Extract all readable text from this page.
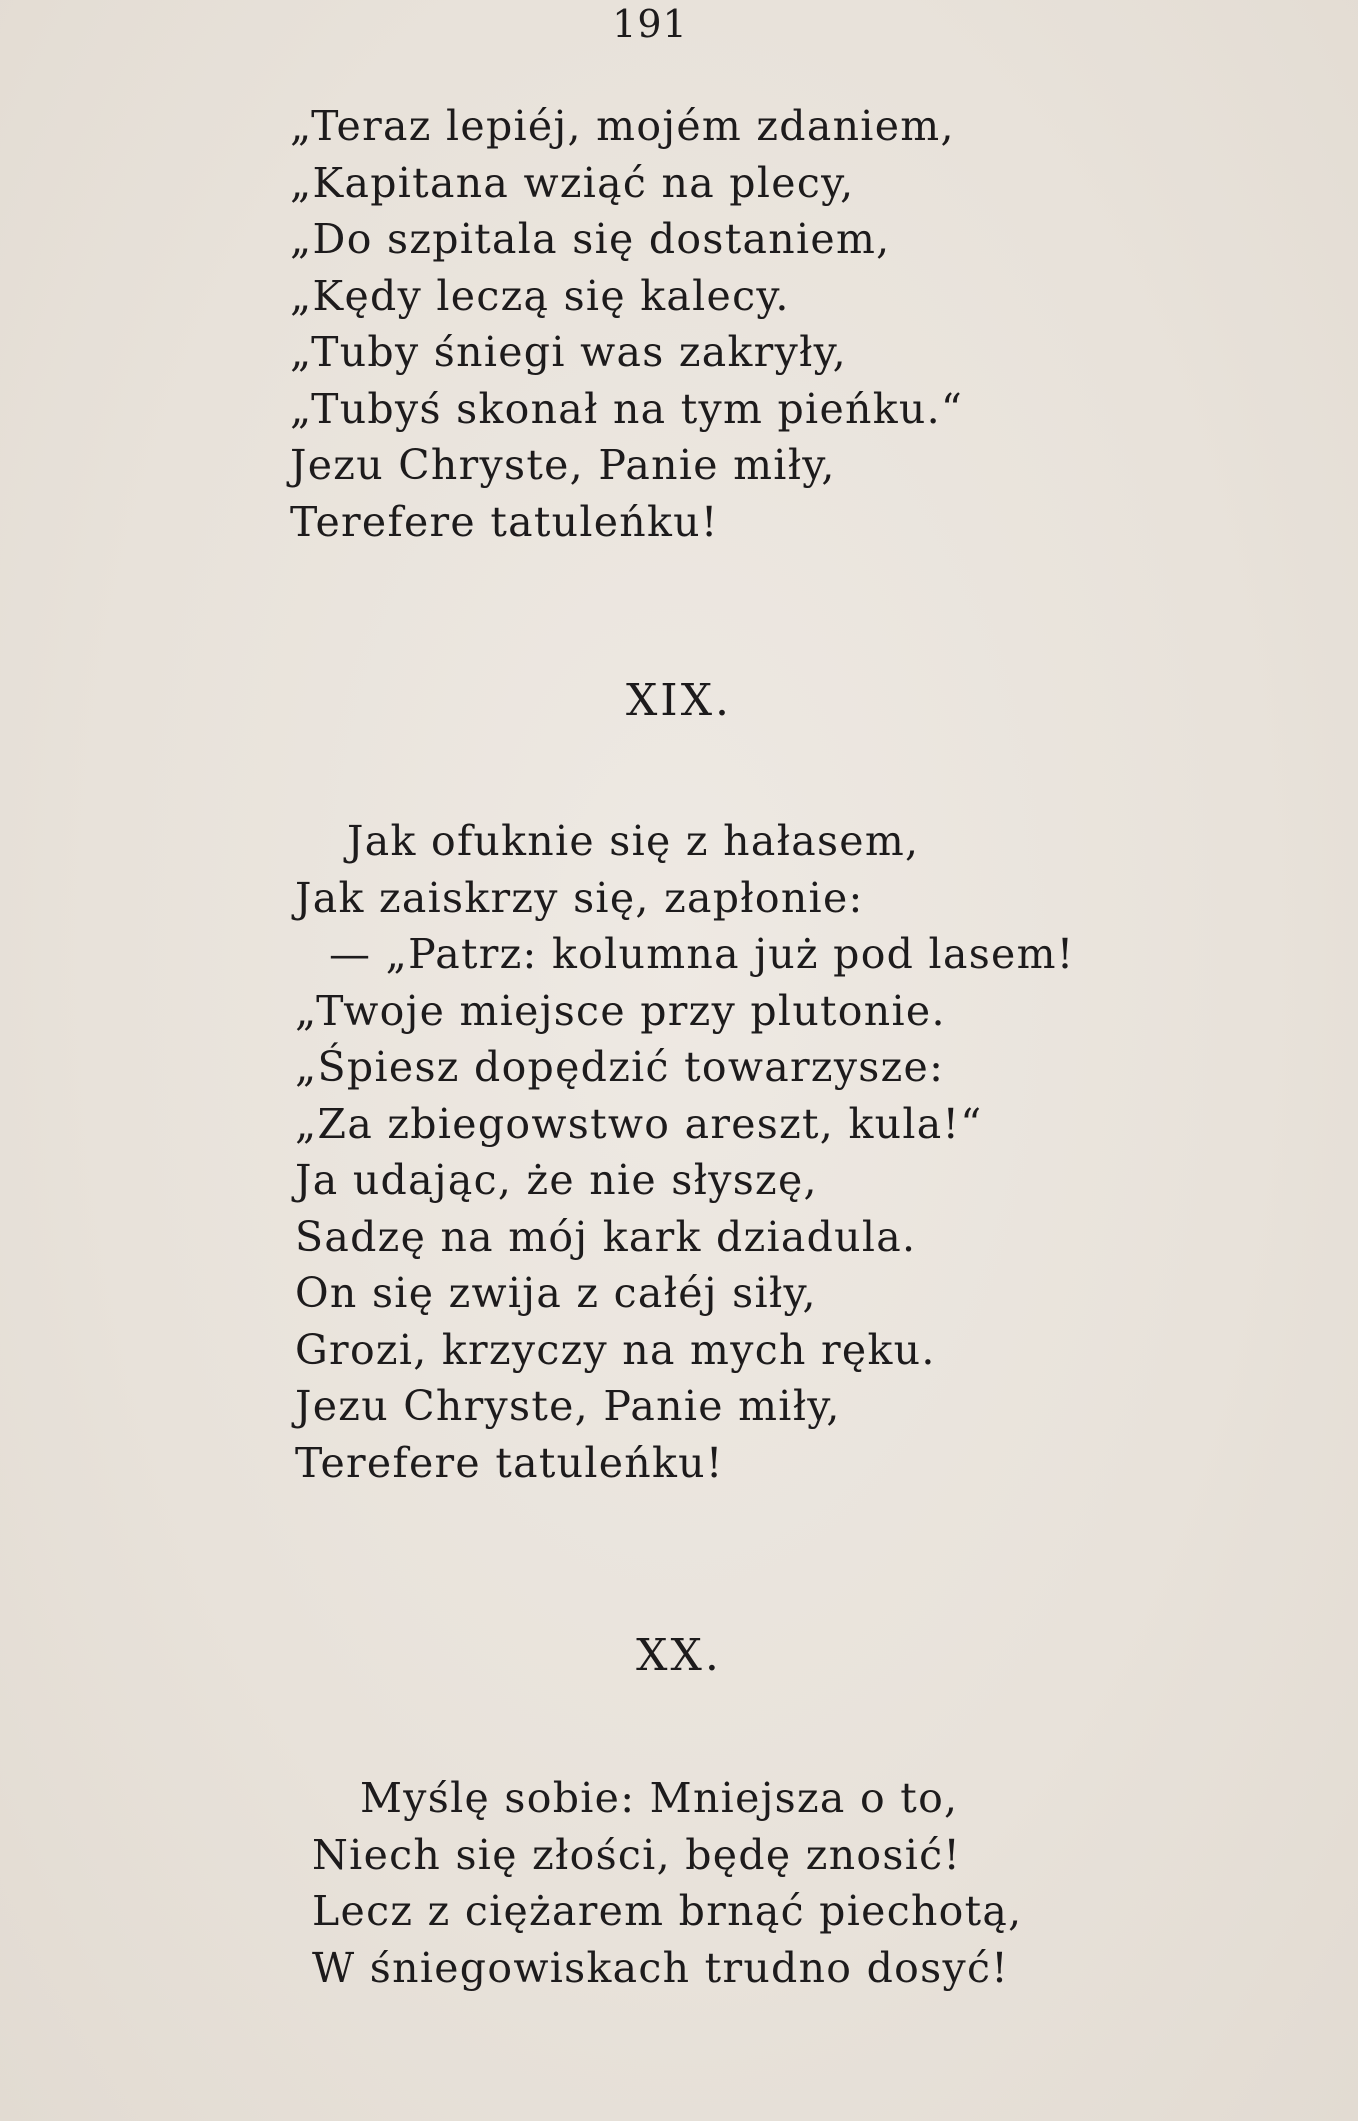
191
„Teraz lepiéj, mojém zdaniem,
„Kapitana wziąć na plecy,
„Do szpitala się dostaniem,
„Kędy leczą się kalecy.
„Tuby śniegi was zakryły,
„Tubyś skonał na tym pieńku.“
Jezu Chryste, Panie miły,
Terefere tatuleńku!
XIX.
Jak ofuknie się z hałasem,
Jak zaiskrzy się, zapłonie:
— „Patrz: kolumna już pod lasem!
„Twoje miejsce przy plutonie.
„Śpiesz dopędzić towarzysze:
„Za zbiegowstwo areszt, kula!“
Ja udając, że nie słyszę,
Sadzę na mój kark dziadula.
On się zwija z całéj siły,
Grozi, krzyczy na mych ręku.
Jezu Chryste, Panie miły,
Terefere tatuleńku!
XX.
Myślę sobie: Mniejsza o to,
Niech się złości, będę znosić!
Lecz z ciężarem brnąć piechotą,
W śniegowiskach trudno dosyć!
